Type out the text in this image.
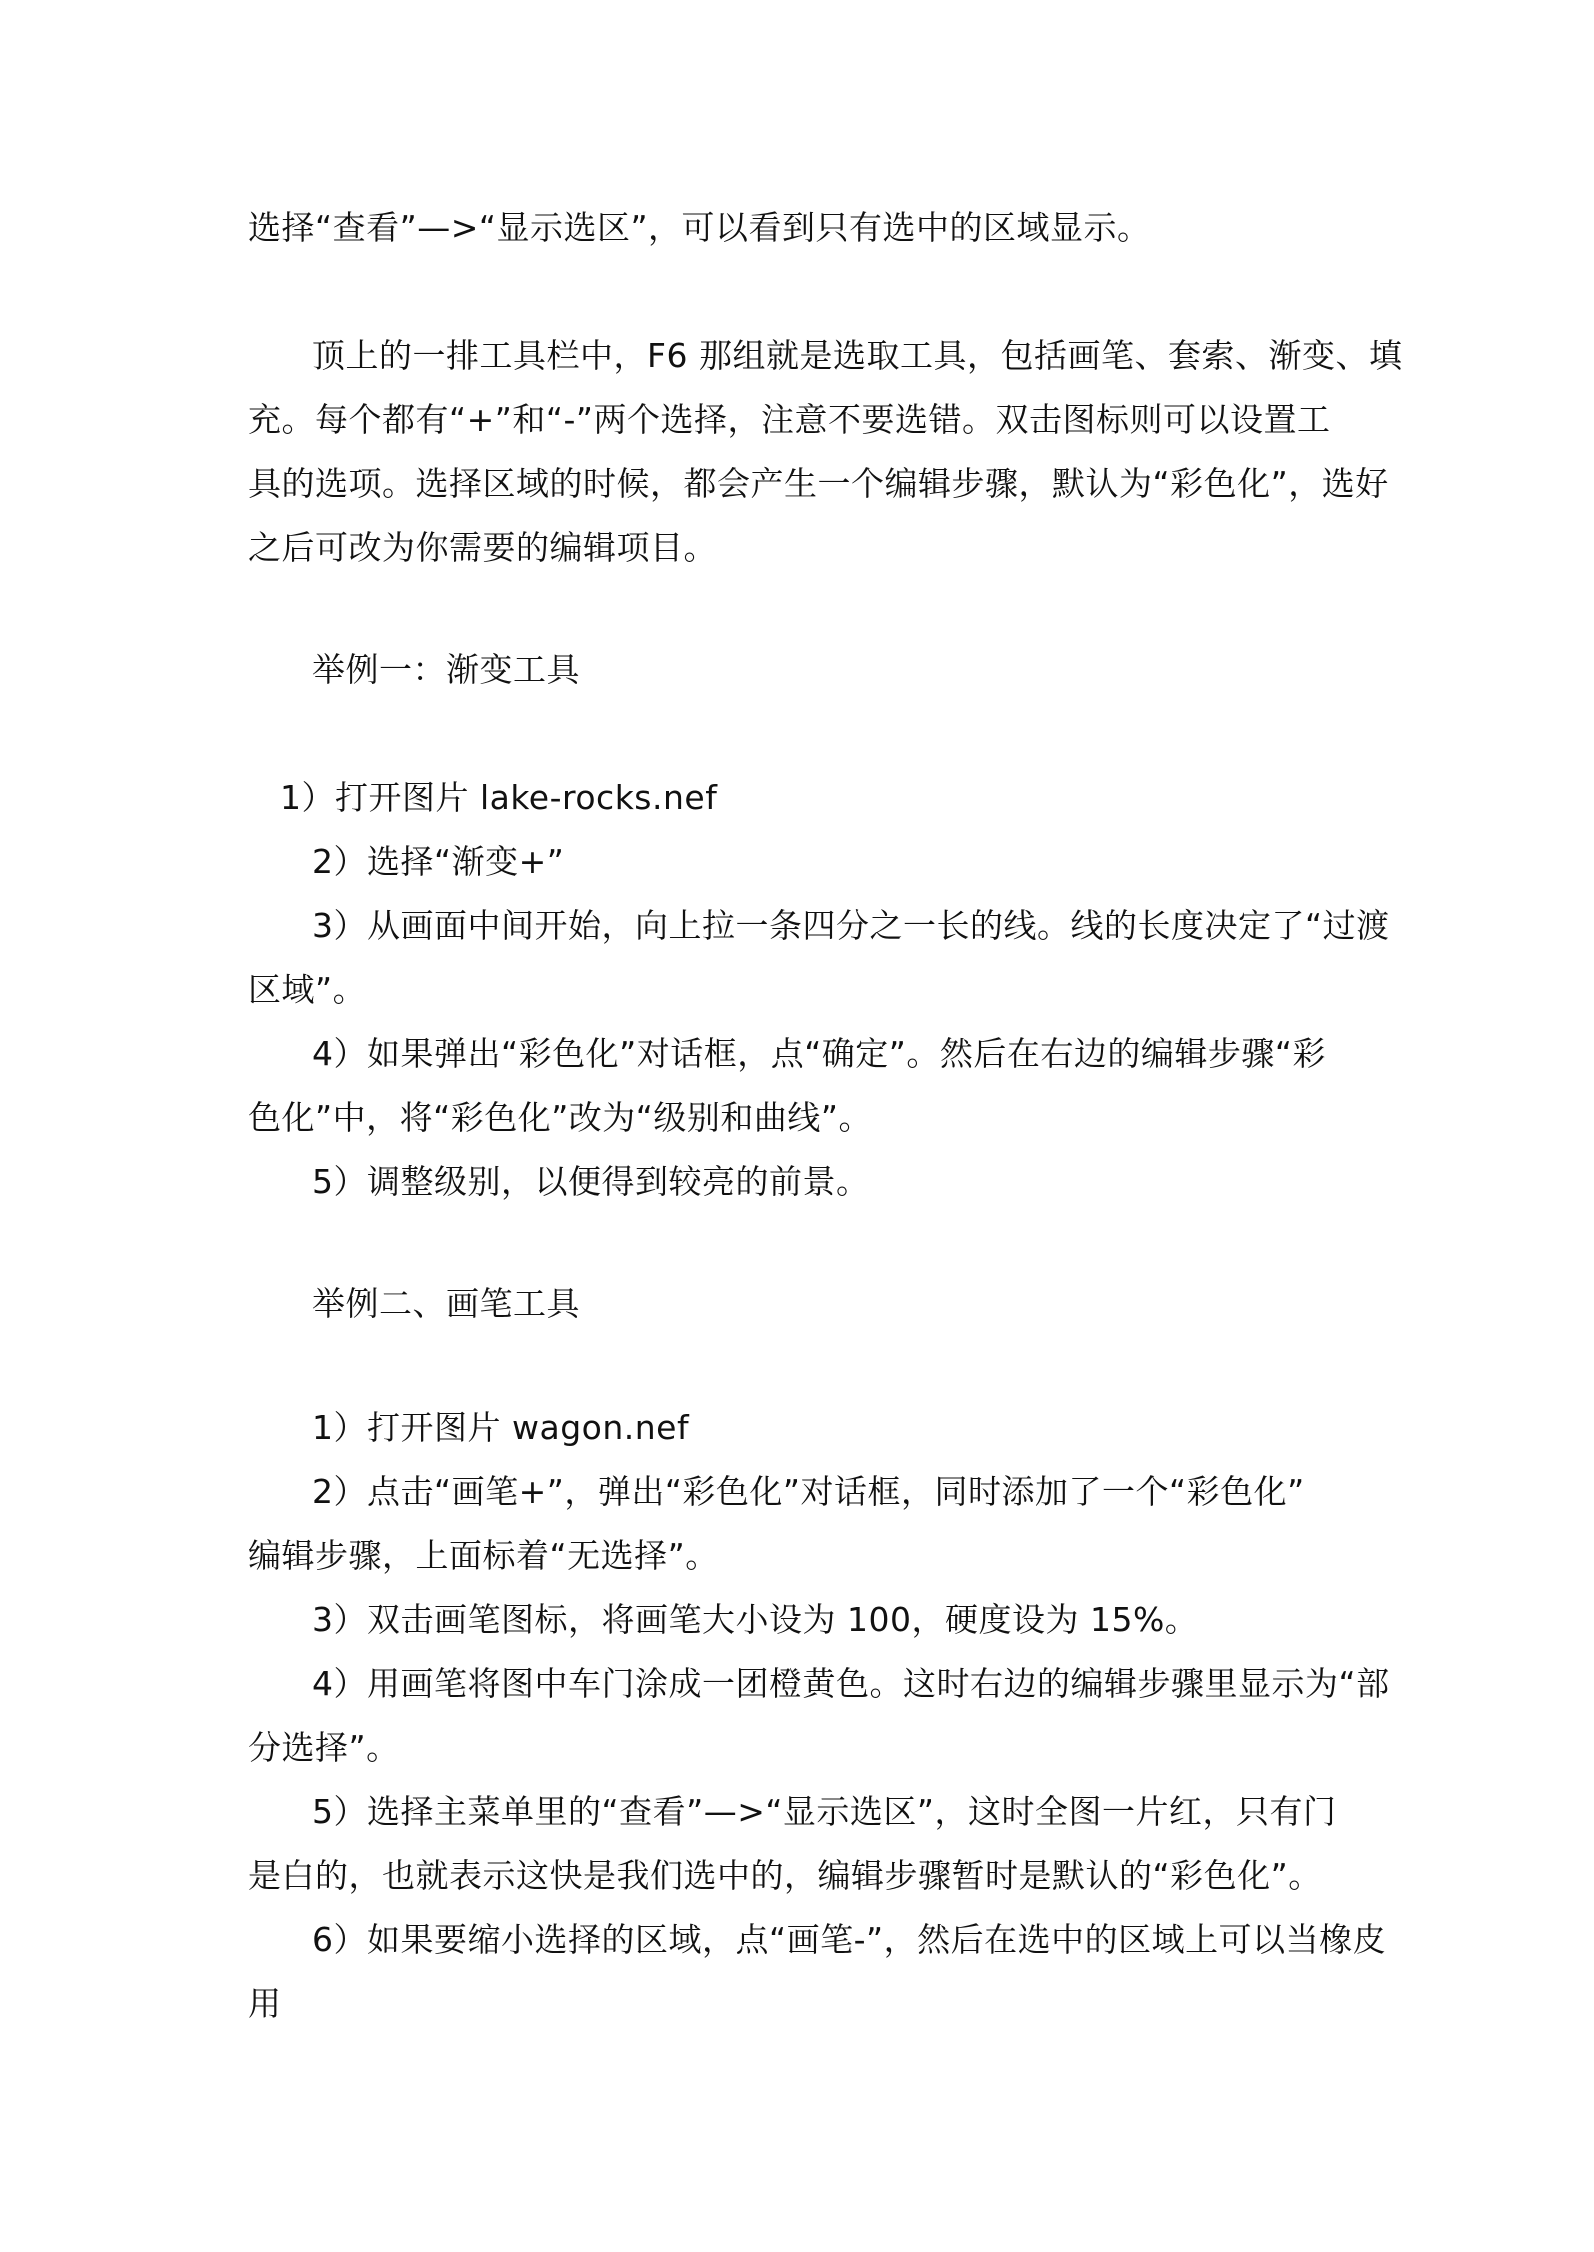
选择“查看”—>“显示选区”，可以看到只有选中的区域显示。
顶上的一排工具栏中，F6 那组就是选取工具，包括画笔、套索、渐变、填
充。每个都有“+”和“-”两个选择，注意不要选错。双击图标则可以设置工
具的选项。选择区域的时候，都会产生一个编辑步骤，默认为“彩色化”，选好
之后可改为你需要的编辑项目。
举例一：渐变工具
1）打开图片 lake-rocks.nef
2）选择“渐变+”
3）从画面中间开始，向上拉一条四分之一长的线。线的长度决定了“过渡
区域”。
4）如果弹出“彩色化”对话框，点“确定”。然后在右边的编辑步骤“彩
色化”中，将“彩色化”改为“级别和曲线”。
5）调整级别，以便得到较亮的前景。
举例二、画笔工具
1）打开图片 wagon.nef
2）点击“画笔+”，弹出“彩色化”对话框，同时添加了一个“彩色化”
编辑步骤，上面标着“无选择”。
3）双击画笔图标，将画笔大小设为 100，硬度设为 15%。
4）用画笔将图中车门涂成一团橙黄色。这时右边的编辑步骤里显示为“部
分选择”。
5）选择主菜单里的“查看”—>“显示选区”，这时全图一片红，只有门
是白的，也就表示这快是我们选中的，编辑步骤暂时是默认的“彩色化”。
6）如果要缩小选择的区域，点“画笔-”，然后在选中的区域上可以当橡皮
用
